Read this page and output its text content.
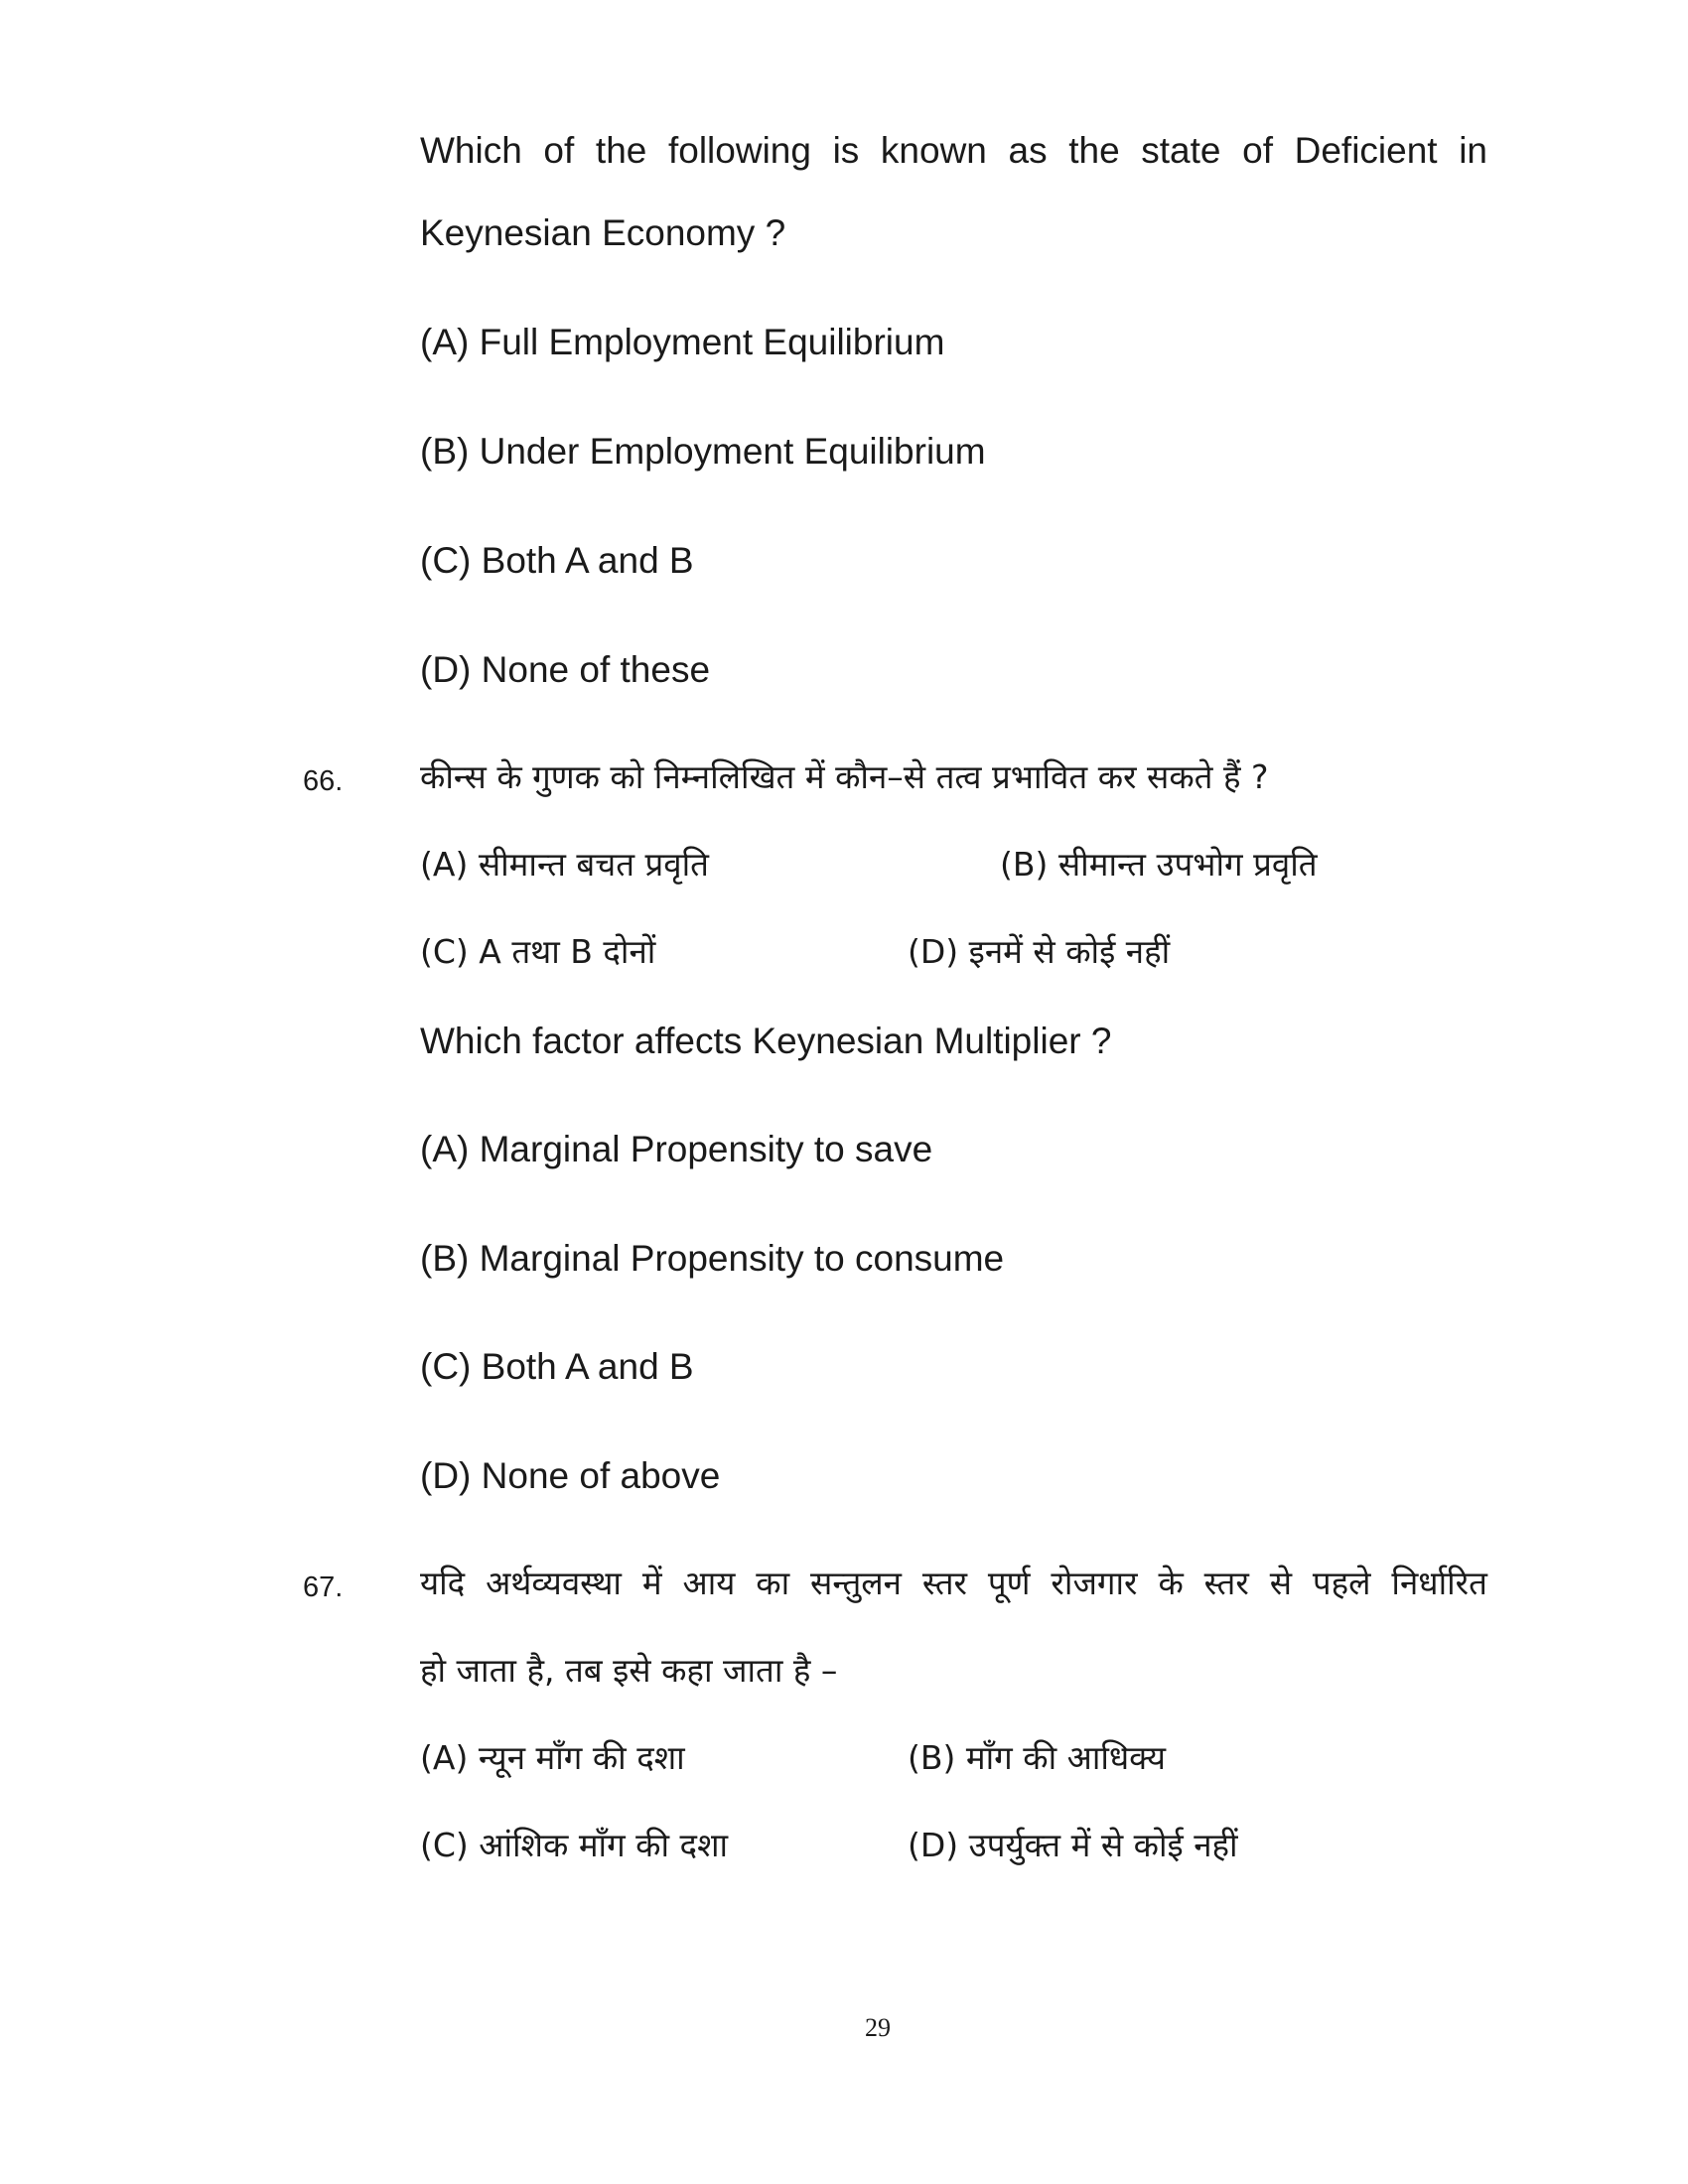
Which of the following is known as the state of Deficient in
Keynesian Economy ?
(A) Full Employment Equilibrium
(B) Under Employment Equilibrium
(C) Both A and B
(D) None of these
66. कीन्स के गुणक को निम्नलिखित में कौन–से तत्व प्रभावित कर सकते हैं ?
(A) सीमान्त बचत प्रवृति	(B) सीमान्त उपभोग प्रवृति
(C) A तथा B दोनों	(D) इनमें से कोई नहीं
Which factor affects Keynesian Multiplier ?
(A) Marginal Propensity to save
(B) Marginal Propensity to consume
(C) Both A and B
(D) None of above
67. यदि अर्थव्यवस्था में आय का सन्तुलन स्तर पूर्ण रोजगार के स्तर से पहले निर्धारित
हो जाता है, तब इसे कहा जाता है –
(A) न्यून माँग की दशा	(B) माँग की आधिक्य
(C) आंशिक माँग की दशा	(D) उपर्युक्त में से कोई नहीं
29
